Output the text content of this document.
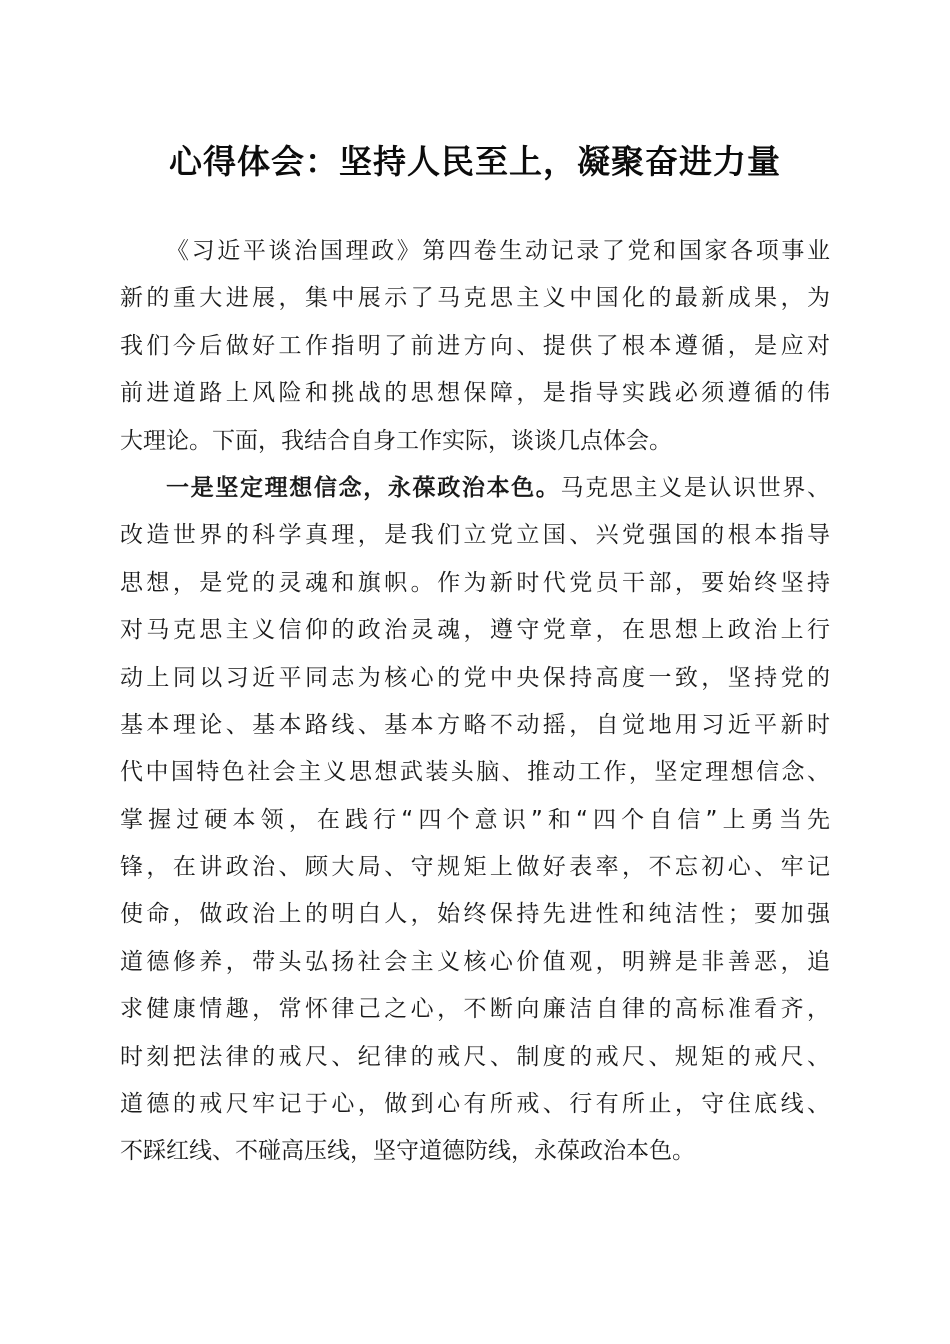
心得体会：坚持人民至上，凝聚奋进力量
《习近平谈治国理政》第四卷生动记录了党和国家各项事业
新的重大进展，集中展示了马克思主义中国化的最新成果，为
我们今后做好工作指明了前进方向、提供了根本遵循，是应对
前进道路上风险和挑战的思想保障，是指导实践必须遵循的伟
大理论。下面，我结合自身工作实际，谈谈几点体会。
一是坚定理想信念，永葆政治本色。马克思主义是认识世界、
改造世界的科学真理，是我们立党立国、兴党强国的根本指导
思想，是党的灵魂和旗帜。作为新时代党员干部，要始终坚持
对马克思主义信仰的政治灵魂，遵守党章，在思想上政治上行
动上同以习近平同志为核心的党中央保持高度一致，坚持党的
基本理论、基本路线、基本方略不动摇，自觉地用习近平新时
代中国特色社会主义思想武装头脑、推动工作，坚定理想信念、
掌握过硬本领，在践行“四个意识”和“四个自信”上勇当先
锋，在讲政治、顾大局、守规矩上做好表率，不忘初心、牢记
使命，做政治上的明白人，始终保持先进性和纯洁性；要加强
道德修养，带头弘扬社会主义核心价值观，明辨是非善恶，追
求健康情趣，常怀律己之心，不断向廉洁自律的高标准看齐，
时刻把法律的戒尺、纪律的戒尺、制度的戒尺、规矩的戒尺、
道德的戒尺牢记于心，做到心有所戒、行有所止，守住底线、
不踩红线、不碰高压线，坚守道德防线，永葆政治本色。
